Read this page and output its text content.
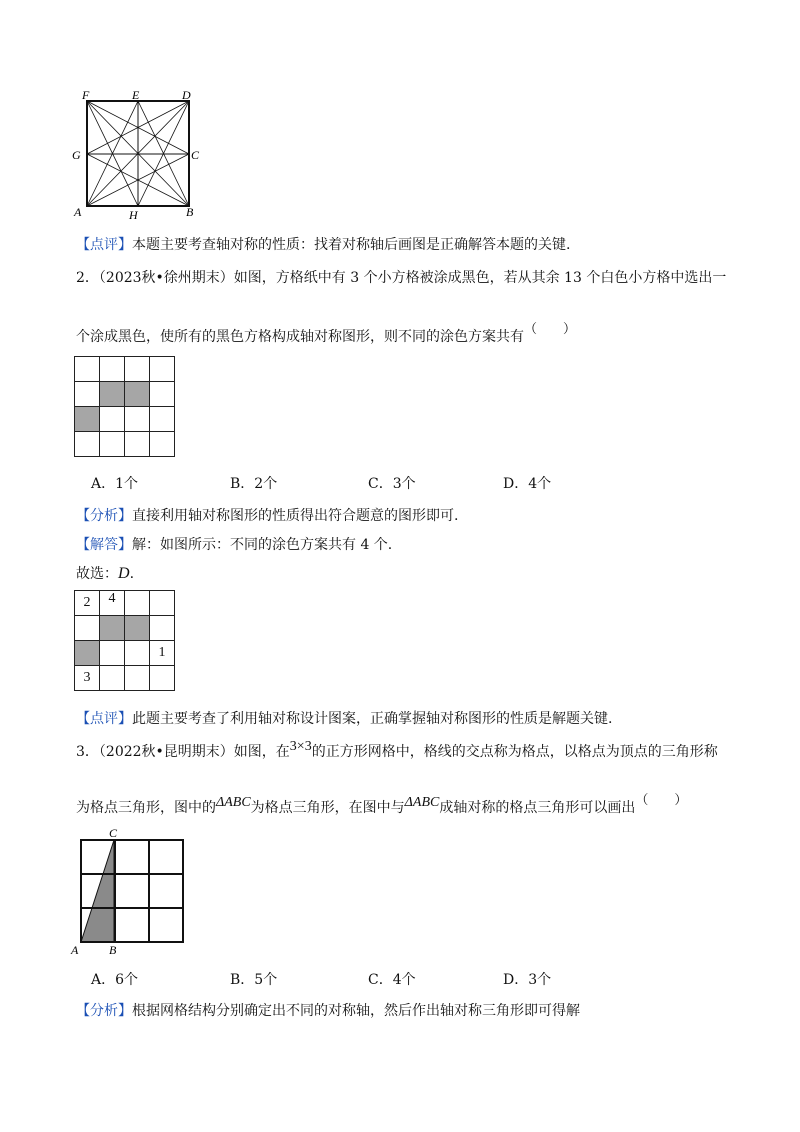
F	E	D
G	C
A	H	B
【点评】本题主要考查轴对称的性质：找着对称轴后画图是正确解答本题的关键.
2．（2023秋•徐州期末）如图，方格纸中有 3 个小方格被涂成黑色，若从其余 13 个白色小方格中选出一
个涂成黑色，使所有的黑色方格构成轴对称图形，则不同的涂色方案共有（　　）

A．1个	B．2个	C．3个	D．4个
【分析】直接利用轴对称图形的性质得出符合题意的图形即可.
【解答】解：如图所示：不同的涂色方案共有 4 个.
故选：D.
2	4		

1

3			

【点评】此题主要考查了利用轴对称设计图案，正确掌握轴对称图形的性质是解题关键.
3．（2022秋•昆明期末）如图，在3×3的正方形网格中，格线的交点称为格点，以格点为顶点的三角形称
为格点三角形，图中的ΔABC为格点三角形，在图中与ΔABC成轴对称的格点三角形可以画出（　　）
C
A	B
A．6个	B．5个	C．4个	D．3个
【分析】根据网格结构分别确定出不同的对称轴，然后作出轴对称三角形即可得解
